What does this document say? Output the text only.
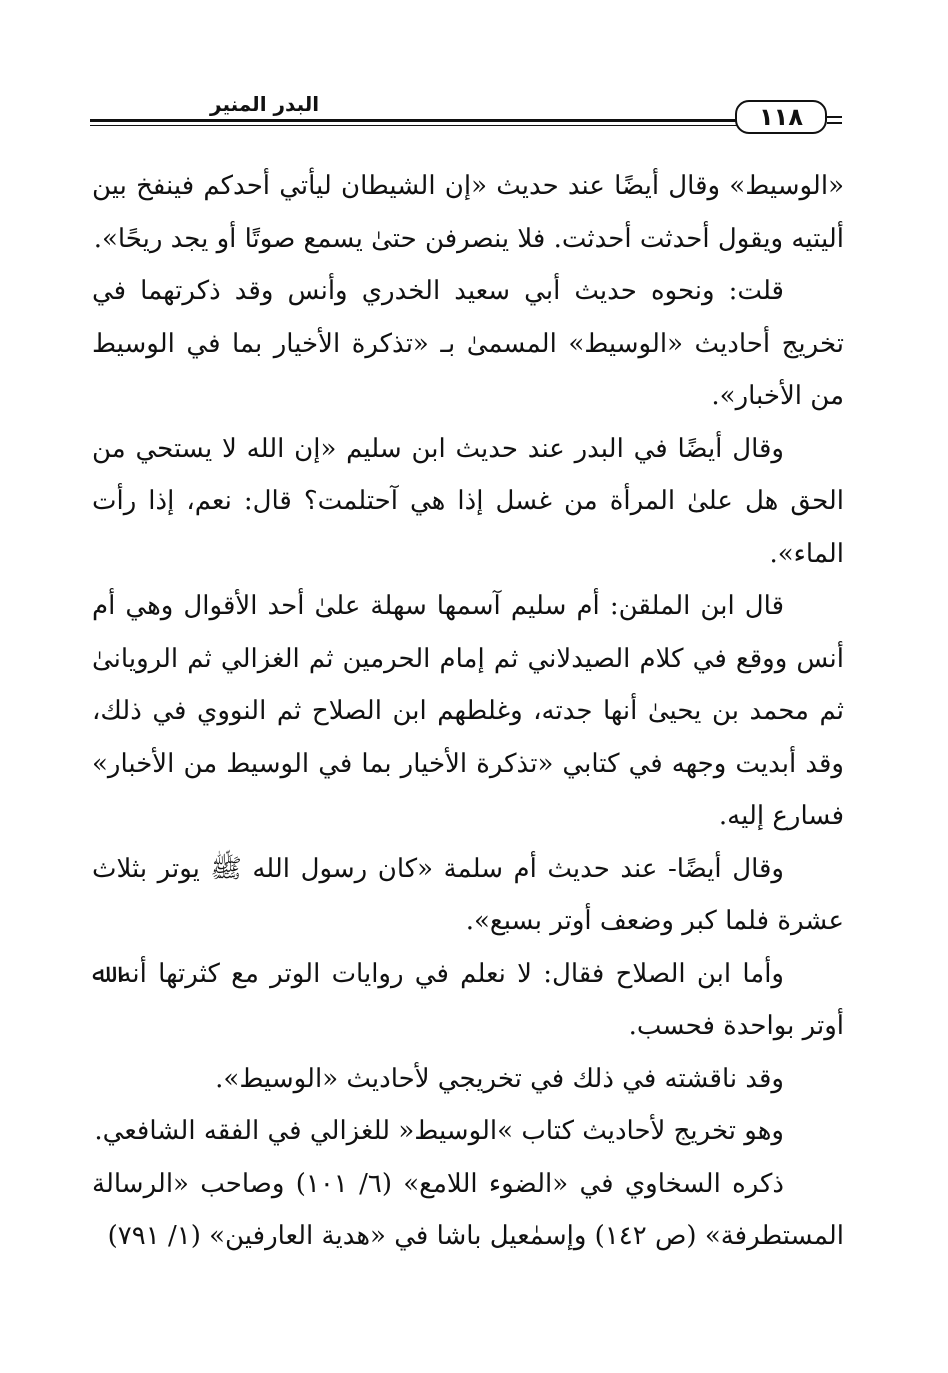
البدر المنير	١١٨

«الوسيط» وقال أيضًا عند حديث «إن الشيطان ليأتي أحدكم فينفخ بين أليتيه ويقول أحدثت أحدثت. فلا ينصرفن حتىٰ يسمع صوتًا أو يجد ريحًا».

قلت: ونحوه حديث أبي سعيد الخدري وأنس وقد ذكرتهما في تخريج أحاديث «الوسيط» المسمىٰ بـ «تذكرة الأخيار بما في الوسيط من الأخبار».

وقال أيضًا في البدر عند حديث ابن سليم «إن الله لا يستحي من الحق هل علىٰ المرأة من غسل إذا هي آحتلمت؟ قال: نعم، إذا رأت الماء».

قال ابن الملقن: أم سليم آسمها سهلة علىٰ أحد الأقوال وهي أم أنس ووقع في كلام الصيدلاني ثم إمام الحرمين ثم الغزالي ثم الرويانىٰ ثم محمد بن يحيىٰ أنها جدته، وغلطهم ابن الصلاح ثم النووي في ذلك، وقد أبديت وجهه في كتابي «تذكرة الأخيار بما في الوسيط من الأخبار» فسارع إليه.

وقال أيضًا- عند حديث أم سلمة «كان رسول الله ﷺ يوتر بثلاث عشرة فلما كبر وضعف أوتر بسبع».

وأما ابن الصلاح فقال: لا نعلم في روايات الوتر مع كثرتها أنه ﷲ أوتر بواحدة فحسب.

وقد ناقشته في ذلك في تخريجي لأحاديث «الوسيط».

وهو تخريج لأحاديث كتاب »الوسيط« للغزالي في الفقه الشافعي.

ذكره السخاوي في «الضوء اللامع» (٦/ ١٠١) وصاحب «الرسالة المستطرفة» (ص ١٤٢) وإسمٰعيل باشا في «هدية العارفين» (١/ ٧٩١)
